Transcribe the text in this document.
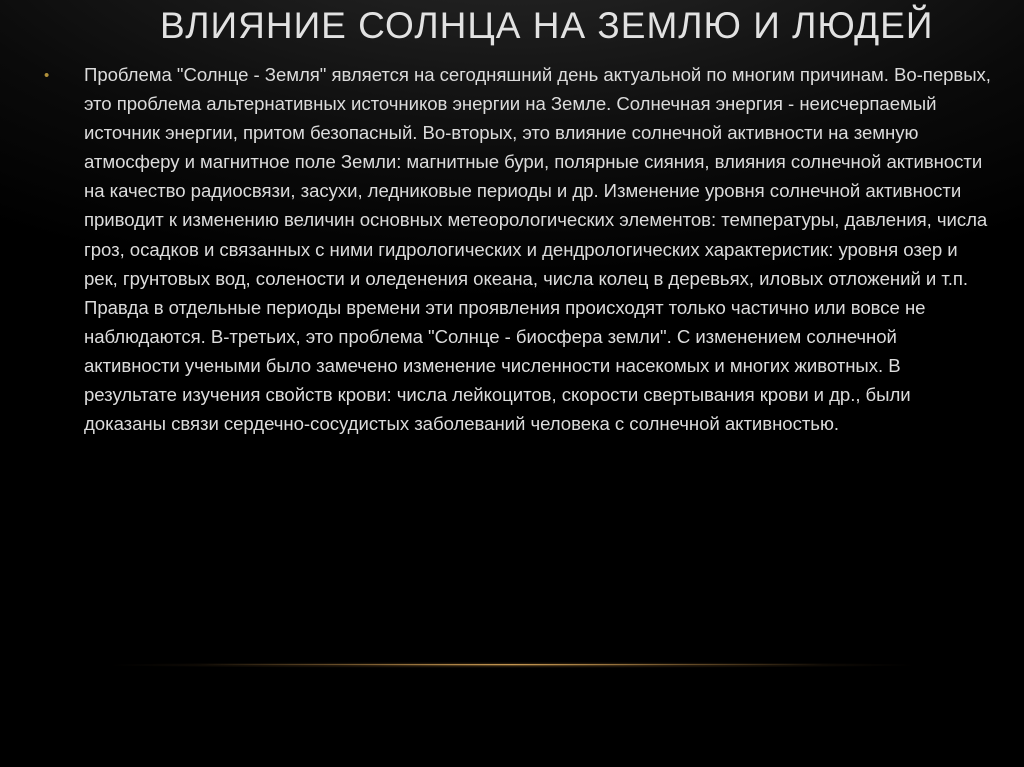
ВЛИЯНИЕ СОЛНЦА НА ЗЕМЛЮ И ЛЮДЕЙ
• Проблема "Солнце - Земля" является на сегодняшний день актуальной по многим причинам. Во-первых, это проблема альтернативных источников энергии на Земле. Солнечная энергия - неисчерпаемый источник энергии, притом безопасный. Во-вторых, это влияние солнечной активности на земную атмосферу и магнитное поле Земли: магнитные бури, полярные сияния, влияния солнечной активности на качество радиосвязи, засухи, ледниковые периоды и др. Изменение уровня солнечной активности приводит к изменению величин основных метеорологических элементов: температуры, давления, числа гроз, осадков и связанных с ними гидрологических и дендрологических характеристик: уровня озер и рек, грунтовых вод, солености и оледенения океана, числа колец в деревьях, иловых отложений и т.п. Правда в отдельные периоды времени эти проявления происходят только частично или вовсе не наблюдаются. В-третьих, это проблема "Солнце - биосфера земли". С изменением солнечной активности учеными было замечено изменение численности насекомых и многих животных. В результате изучения свойств крови: числа лейкоцитов, скорости свертывания крови и др., были доказаны связи сердечно-сосудистых заболеваний человека с солнечной активностью.
